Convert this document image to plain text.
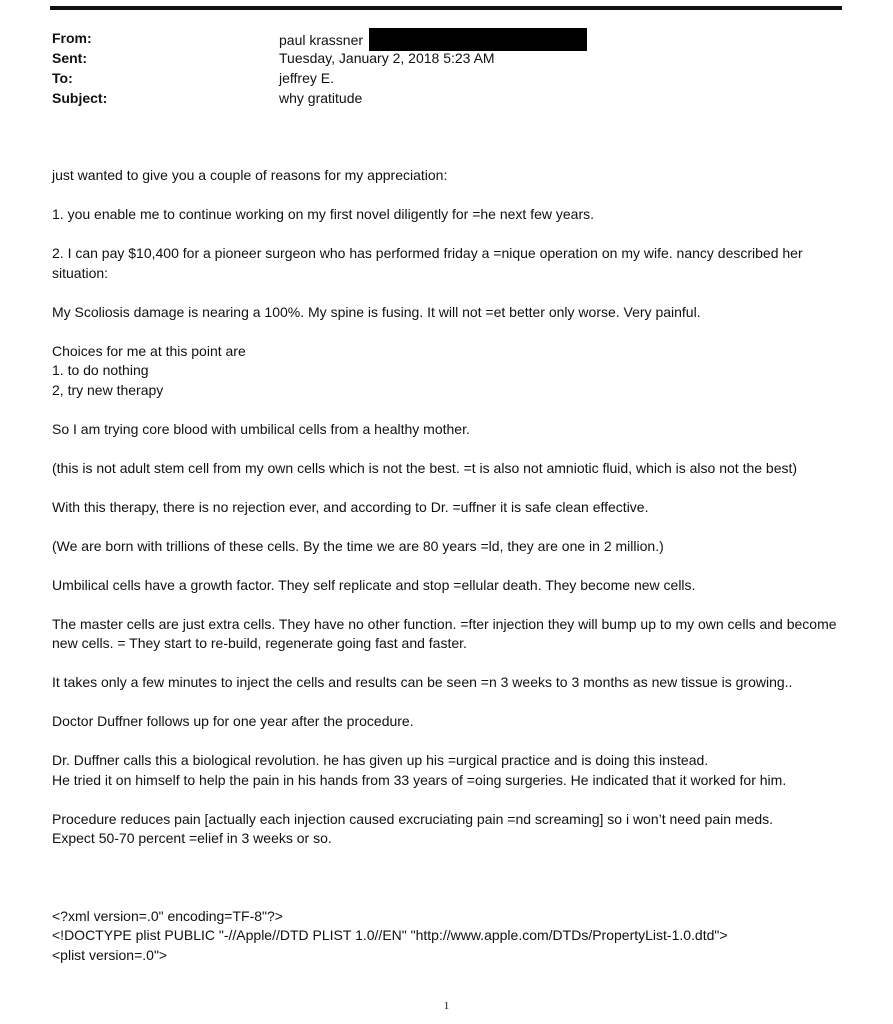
From:	paul krassner
Sent:	Tuesday, January 2, 2018 5:23 AM
To:	jeffrey E.
Subject:	why gratitude

just wanted to give you a couple of reasons for my appreciation:

1. you enable me to continue working on my first novel diligently for =he next few years.

2. I can pay $10,400 for a pioneer surgeon who has performed friday a =nique operation on my wife. nancy described her situation:

My Scoliosis damage is nearing a 100%. My spine is fusing. It will not =et better only worse. Very painful.

Choices for me at this point are
1. to do nothing
2, try new therapy

So I am trying core blood with umbilical cells from a healthy mother.

(this is not adult stem cell from my own cells which is not the best. =t is also not amniotic fluid, which is also not the best)

With this therapy, there is no rejection ever, and according to Dr. =uffner it is safe clean effective.

(We are born with trillions of these cells. By the time we are 80 years =ld, they are one in 2 million.)

Umbilical cells have a growth factor. They self replicate and stop =ellular death. They become new cells.

The master cells are just extra cells. They have no other function. =fter injection they will bump up to my own cells and become new cells. = They start to re-build, regenerate going fast and faster.

It takes only a few minutes to inject the cells and results can be seen =n 3 weeks to 3 months as new tissue is growing..

Doctor Duffner follows up for one year after the procedure.

Dr. Duffner calls this a biological revolution. he has given up his =urgical practice and is doing this instead.
He tried it on himself to help the pain in his hands from 33 years of =oing surgeries. He indicated that it worked for him.

Procedure reduces pain [actually each injection caused excruciating pain =nd screaming] so i won’t need pain meds.
Expect 50-70 percent =elief in 3 weeks or so.

<?xml version=.0" encoding=TF-8"?>
<!DOCTYPE plist PUBLIC "-//Apple//DTD PLIST 1.0//EN" "http://www.apple.com/DTDs/PropertyList-1.0.dtd">
<plist version=.0">

1
